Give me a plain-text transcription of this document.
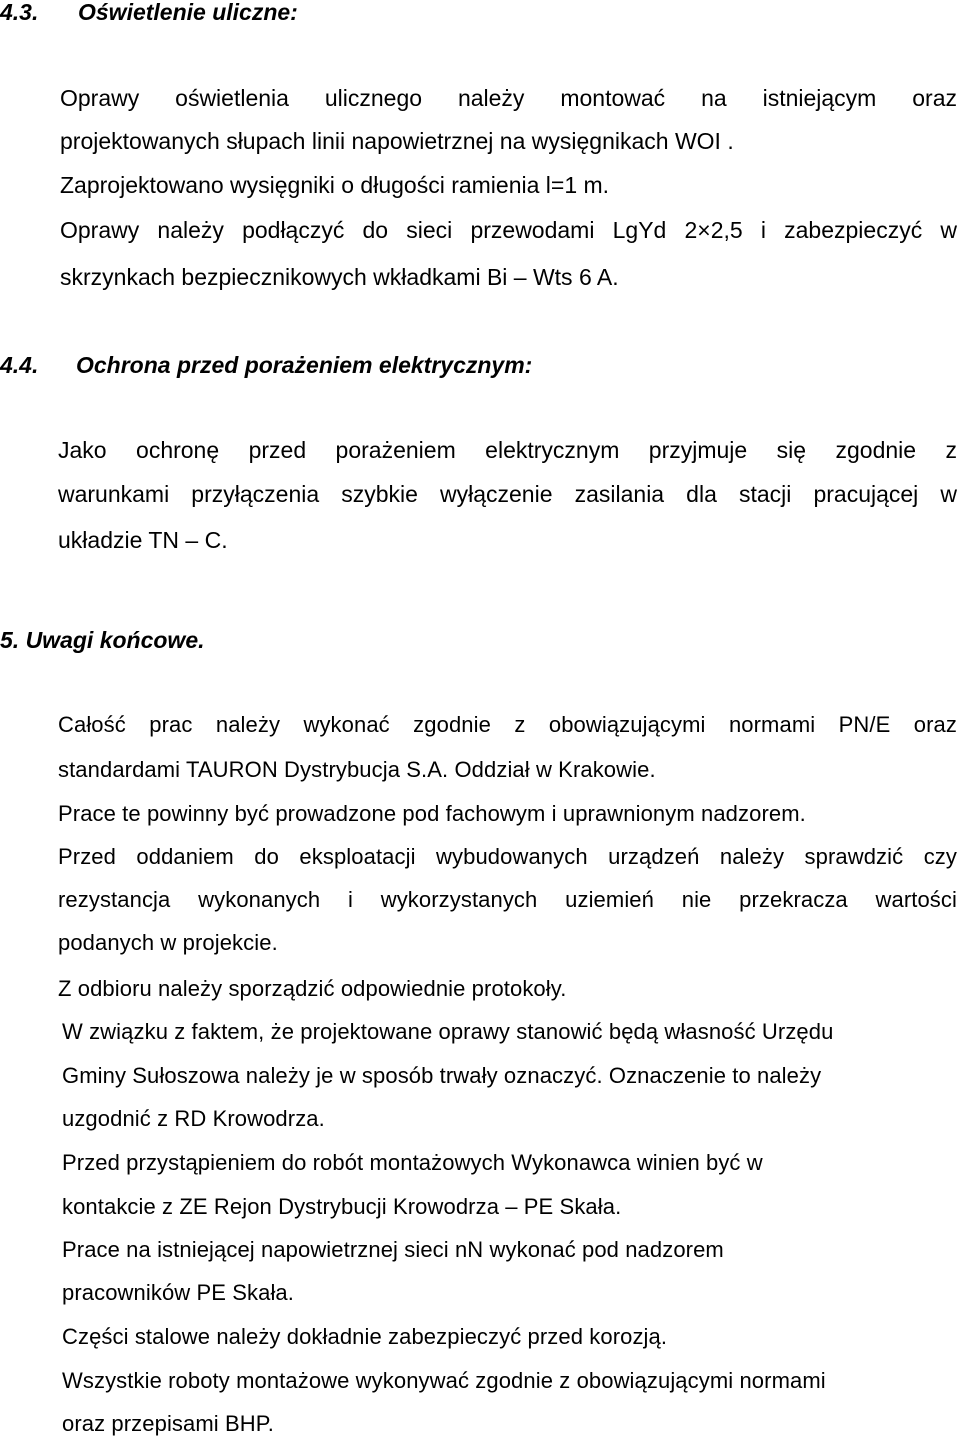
4.3. Oświetlenie uliczne:
Oprawy oświetlenia ulicznego należy montować na istniejącym oraz
projektowanych słupach linii napowietrznej na wysięgnikach WOI .
Zaprojektowano wysięgniki o długości ramienia l=1 m.
Oprawy należy podłączyć do sieci przewodami LgYd 2×2,5 i zabezpieczyć w
skrzynkach bezpiecznikowych wkładkami Bi – Wts 6 A.
4.4. Ochrona przed porażeniem elektrycznym:
Jako ochronę przed porażeniem elektrycznym przyjmuje się zgodnie z
warunkami przyłączenia szybkie wyłączenie zasilania dla stacji pracującej w
układzie TN – C.
5. Uwagi końcowe.
Całość prac należy wykonać zgodnie z obowiązującymi normami PN/E oraz
standardami TAURON Dystrybucja S.A. Oddział w Krakowie.
Prace te powinny być prowadzone pod fachowym i uprawnionym nadzorem.
Przed oddaniem do eksploatacji wybudowanych urządzeń należy sprawdzić czy
rezystancja wykonanych i wykorzystanych uziemień nie przekracza wartości
podanych w projekcie.
Z odbioru należy sporządzić odpowiednie protokoły.
W związku z faktem, że projektowane oprawy stanowić będą własność Urzędu
Gminy Sułoszowa należy je w sposób trwały oznaczyć. Oznaczenie to należy
uzgodnić z RD Krowodrza.
Przed przystąpieniem do robót montażowych Wykonawca winien być w
kontakcie z ZE Rejon Dystrybucji Krowodrza – PE Skała.
Prace na istniejącej napowietrznej sieci nN wykonać pod nadzorem
pracowników PE Skała.
Części stalowe należy dokładnie zabezpieczyć przed korozją.
Wszystkie roboty montażowe wykonywać zgodnie z obowiązującymi normami
oraz przepisami BHP.
